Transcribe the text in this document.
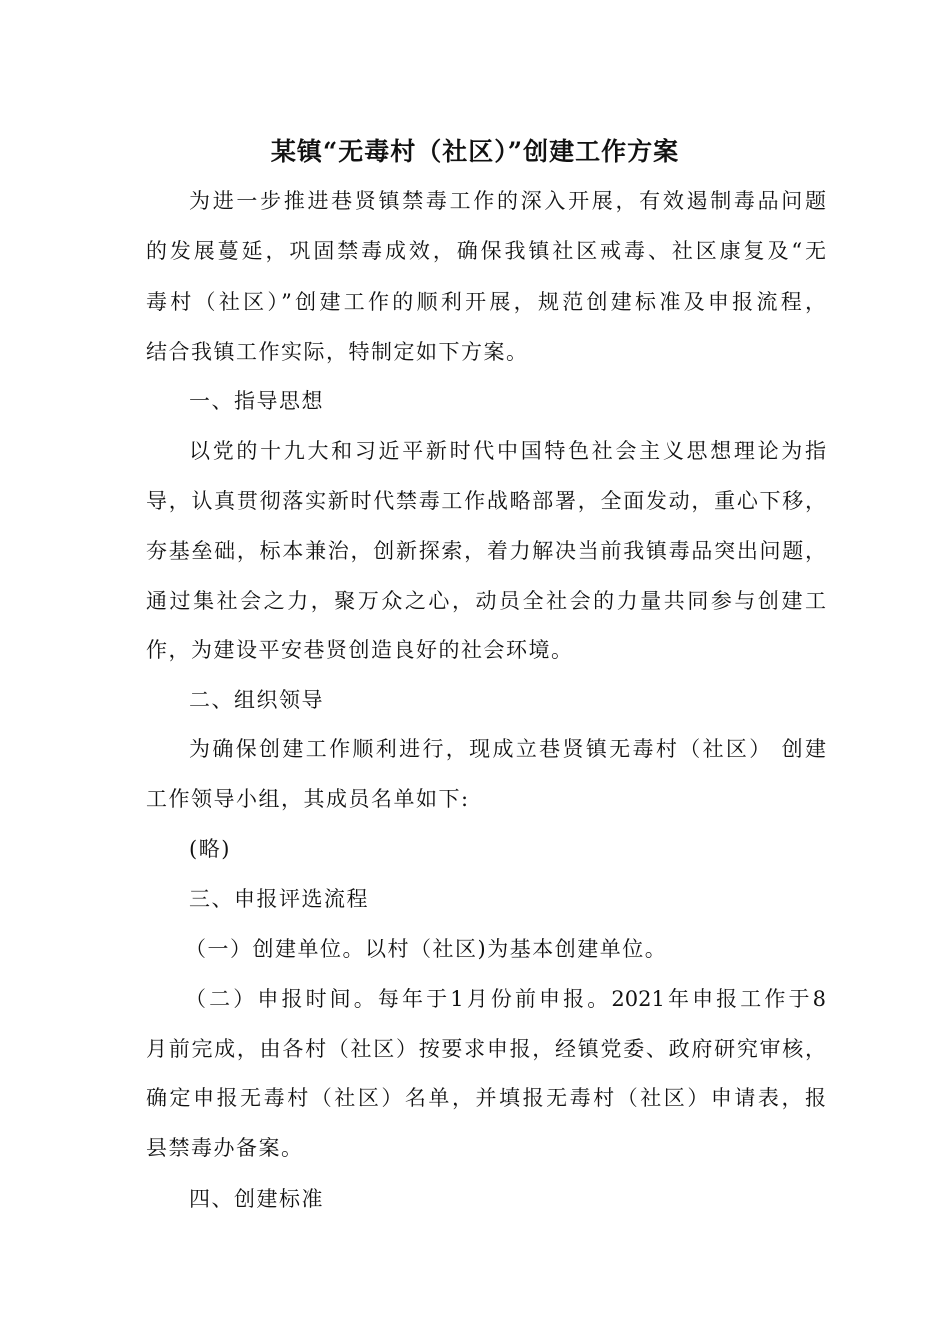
某镇“无毒村（社区）”创建工作方案
为进一步推进巷贤镇禁毒工作的深入开展，有效遏制毒品问题
的发展蔓延，巩固禁毒成效，确保我镇社区戒毒、社区康复及“无
毒村（社区）”创建工作的顺利开展，规范创建标准及申报流程，
结合我镇工作实际，特制定如下方案。
一、指导思想
以党的十九大和习近平新时代中国特色社会主义思想理论为指
导，认真贯彻落实新时代禁毒工作战略部署，全面发动，重心下移，
夯基垒础，标本兼治，创新探索，着力解决当前我镇毒品突出问题，
通过集社会之力，聚万众之心，动员全社会的力量共同参与创建工
作，为建设平安巷贤创造良好的社会环境。
二、组织领导
为确保创建工作顺利进行，现成立巷贤镇无毒村（社区） 创建
工作领导小组，其成员名单如下:
(略)
三、申报评选流程
（一）创建单位。以村（社区)为基本创建单位。
（二）申报时间。每年于1月份前申报。2021年申报工作于8
月前完成，由各村（社区）按要求申报，经镇党委、政府研究审核，
确定申报无毒村（社区）名单，并填报无毒村（社区）申请表，报
县禁毒办备案。
四、创建标准
